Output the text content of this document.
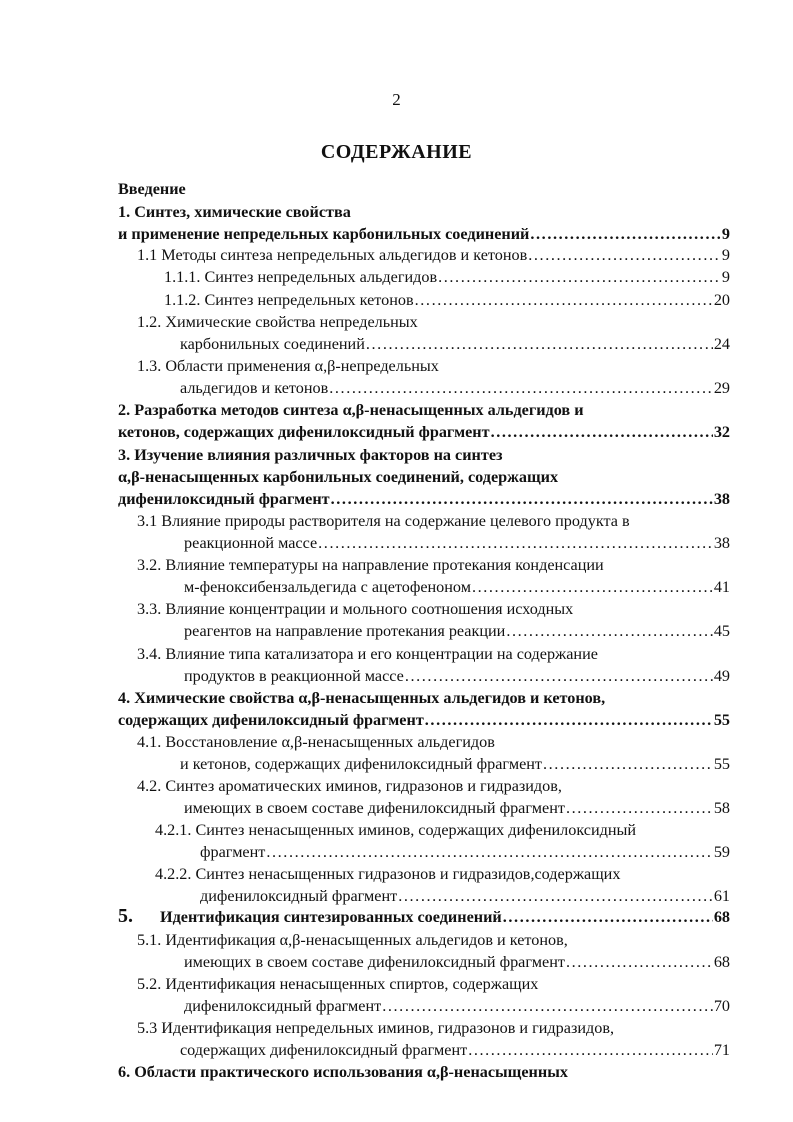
2
СОДЕРЖАНИЕ
Введение
1. Синтез, химические свойства
и применение непредельных карбонильных соединений .....	9
1.1 Методы синтеза непредельных альдегидов и кетонов .....	9
1.1.1. Синтез непредельных альдегидов .....	9
1.1.2. Синтез непредельных кетонов .....	20
1.2. Химические свойства непредельных
карбонильных соединений .....	24
1.3. Области применения α,β-непредельных
альдегидов и кетонов .....	29
2. Разработка методов синтеза α,β-ненасыщенных альдегидов и
кетонов, содержащих дифенилоксидный фрагмент .....	32
3. Изучение влияния различных факторов на синтез
α,β-ненасыщенных карбонильных соединений, содержащих
дифенилоксидный фрагмент .....	38
3.1 Влияние природы растворителя на содержание целевого продукта в
реакционной массе .....	38
3.2. Влияние температуры на направление протекания конденсации
м-феноксибензальдегида с ацетофеноном .....	41
3.3. Влияние концентрации и мольного соотношения исходных
реагентов на направление протекания реакции .....	45
3.4. Влияние типа катализатора и его концентрации на содержание
продуктов в реакционной массе .....	49
4. Химические свойства α,β-ненасыщенных альдегидов и кетонов,
содержащих дифенилоксидный фрагмент .....	55
4.1. Восстановление α,β-ненасыщенных альдегидов
и кетонов, содержащих дифенилоксидный фрагмент .....	55
4.2. Синтез ароматических иминов, гидразонов и гидразидов,
имеющих в своем составе дифенилоксидный фрагмент .....	58
4.2.1. Синтез ненасыщенных иминов, содержащих дифенилоксидный
фрагмент .....	59
4.2.2. Синтез ненасыщенных гидразонов и гидразидов,содержащих
дифенилоксидный фрагмент .....	61
5. Идентификация синтезированных соединений .....	68
5.1. Идентификация α,β-ненасыщенных альдегидов и кетонов,
имеющих в своем составе дифенилоксидный фрагмент .....	68
5.2. Идентификация ненасыщенных спиртов, содержащих
дифенилоксидный фрагмент .....	70
5.3 Идентификация непредельных иминов, гидразонов и гидразидов,
содержащих дифенилоксидный фрагмент .....	71
6. Области практического использования α,β-ненасыщенных
